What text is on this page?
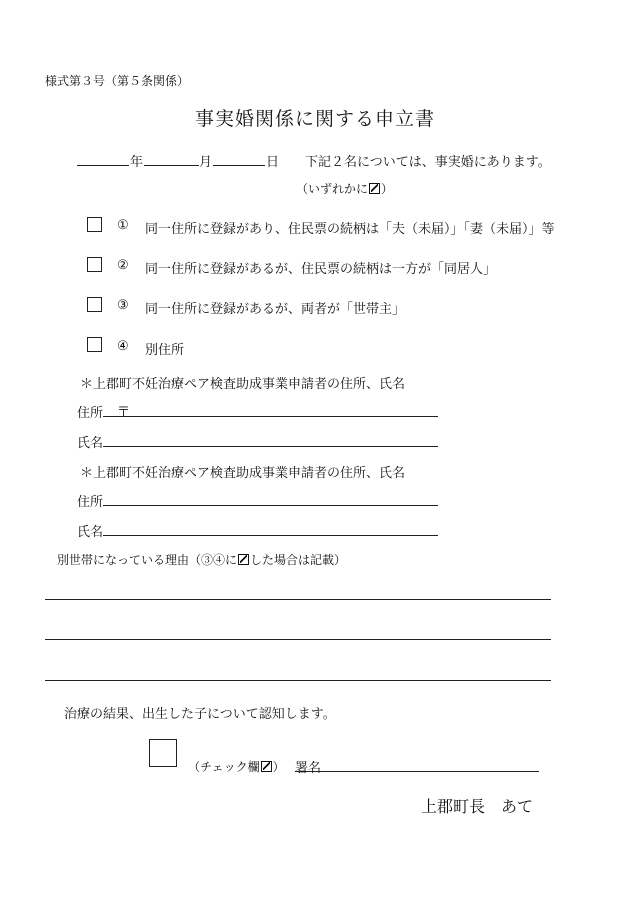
様式第３号（第５条関係）
事実婚関係に関する申立書
年	月	日 下記２名については、事実婚にあります。
（いずれかに ）
① 同一住所に登録があり、住民票の続柄は「夫（未届）」「妻（未届）」等
② 同一住所に登録があるが、住民票の続柄は一方が「同居人」
③ 同一住所に登録があるが、両者が「世帯主」
④ 別住所
＊上郡町不妊治療ペア検査助成事業申請者の住所、氏名
住所 〒
氏名
＊上郡町不妊治療ペア検査助成事業申請者の住所、氏名
住所
氏名
別世帯になっている理由（③④に した場合は記載）
治療の結果、出生した子について認知します。
（チェック欄 ） 署名
上郡町長　あて
